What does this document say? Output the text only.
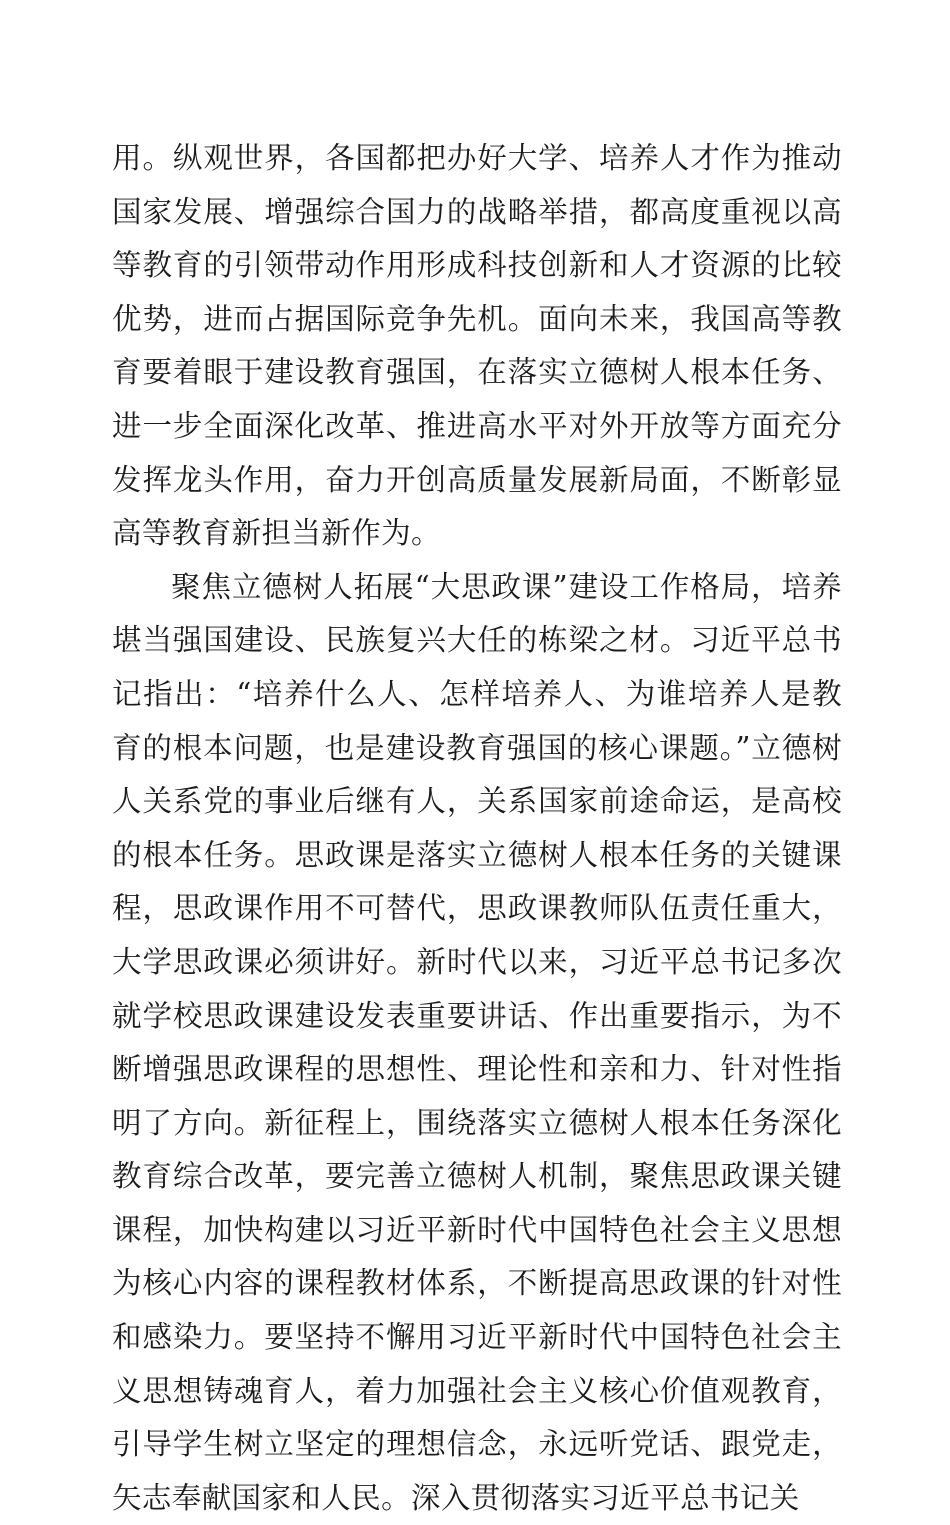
用。纵观世界，各国都把办好大学、培养人才作为推动国家发展、增强综合国力的战略举措，都高度重视以高等教育的引领带动作用形成科技创新和人才资源的比较优势，进而占据国际竞争先机。面向未来，我国高等教育要着眼于建设教育强国，在落实立德树人根本任务、进一步全面深化改革、推进高水平对外开放等方面充分发挥龙头作用，奋力开创高质量发展新局面，不断彰显高等教育新担当新作为。

聚焦立德树人拓展“大思政课”建设工作格局，培养堪当强国建设、民族复兴大任的栋梁之材。习近平总书记指出：“培养什么人、怎样培养人、为谁培养人是教育的根本问题，也是建设教育强国的核心课题。”立德树人关系党的事业后继有人，关系国家前途命运，是高校的根本任务。思政课是落实立德树人根本任务的关键课程，思政课作用不可替代，思政课教师队伍责任重大，大学思政课必须讲好。新时代以来，习近平总书记多次就学校思政课建设发表重要讲话、作出重要指示，为不断增强思政课程的思想性、理论性和亲和力、针对性指明了方向。新征程上，围绕落实立德树人根本任务深化教育综合改革，要完善立德树人机制，聚焦思政课关键课程，加快构建以习近平新时代中国特色社会主义思想为核心内容的课程教材体系，不断提高思政课的针对性和感染力。要坚持不懈用习近平新时代中国特色社会主义思想铸魂育人，着力加强社会主义核心价值观教育，引导学生树立坚定的理想信念，永远听党话、跟党走，矢志奉献国家和人民。深入贯彻落实习近平总书记关
